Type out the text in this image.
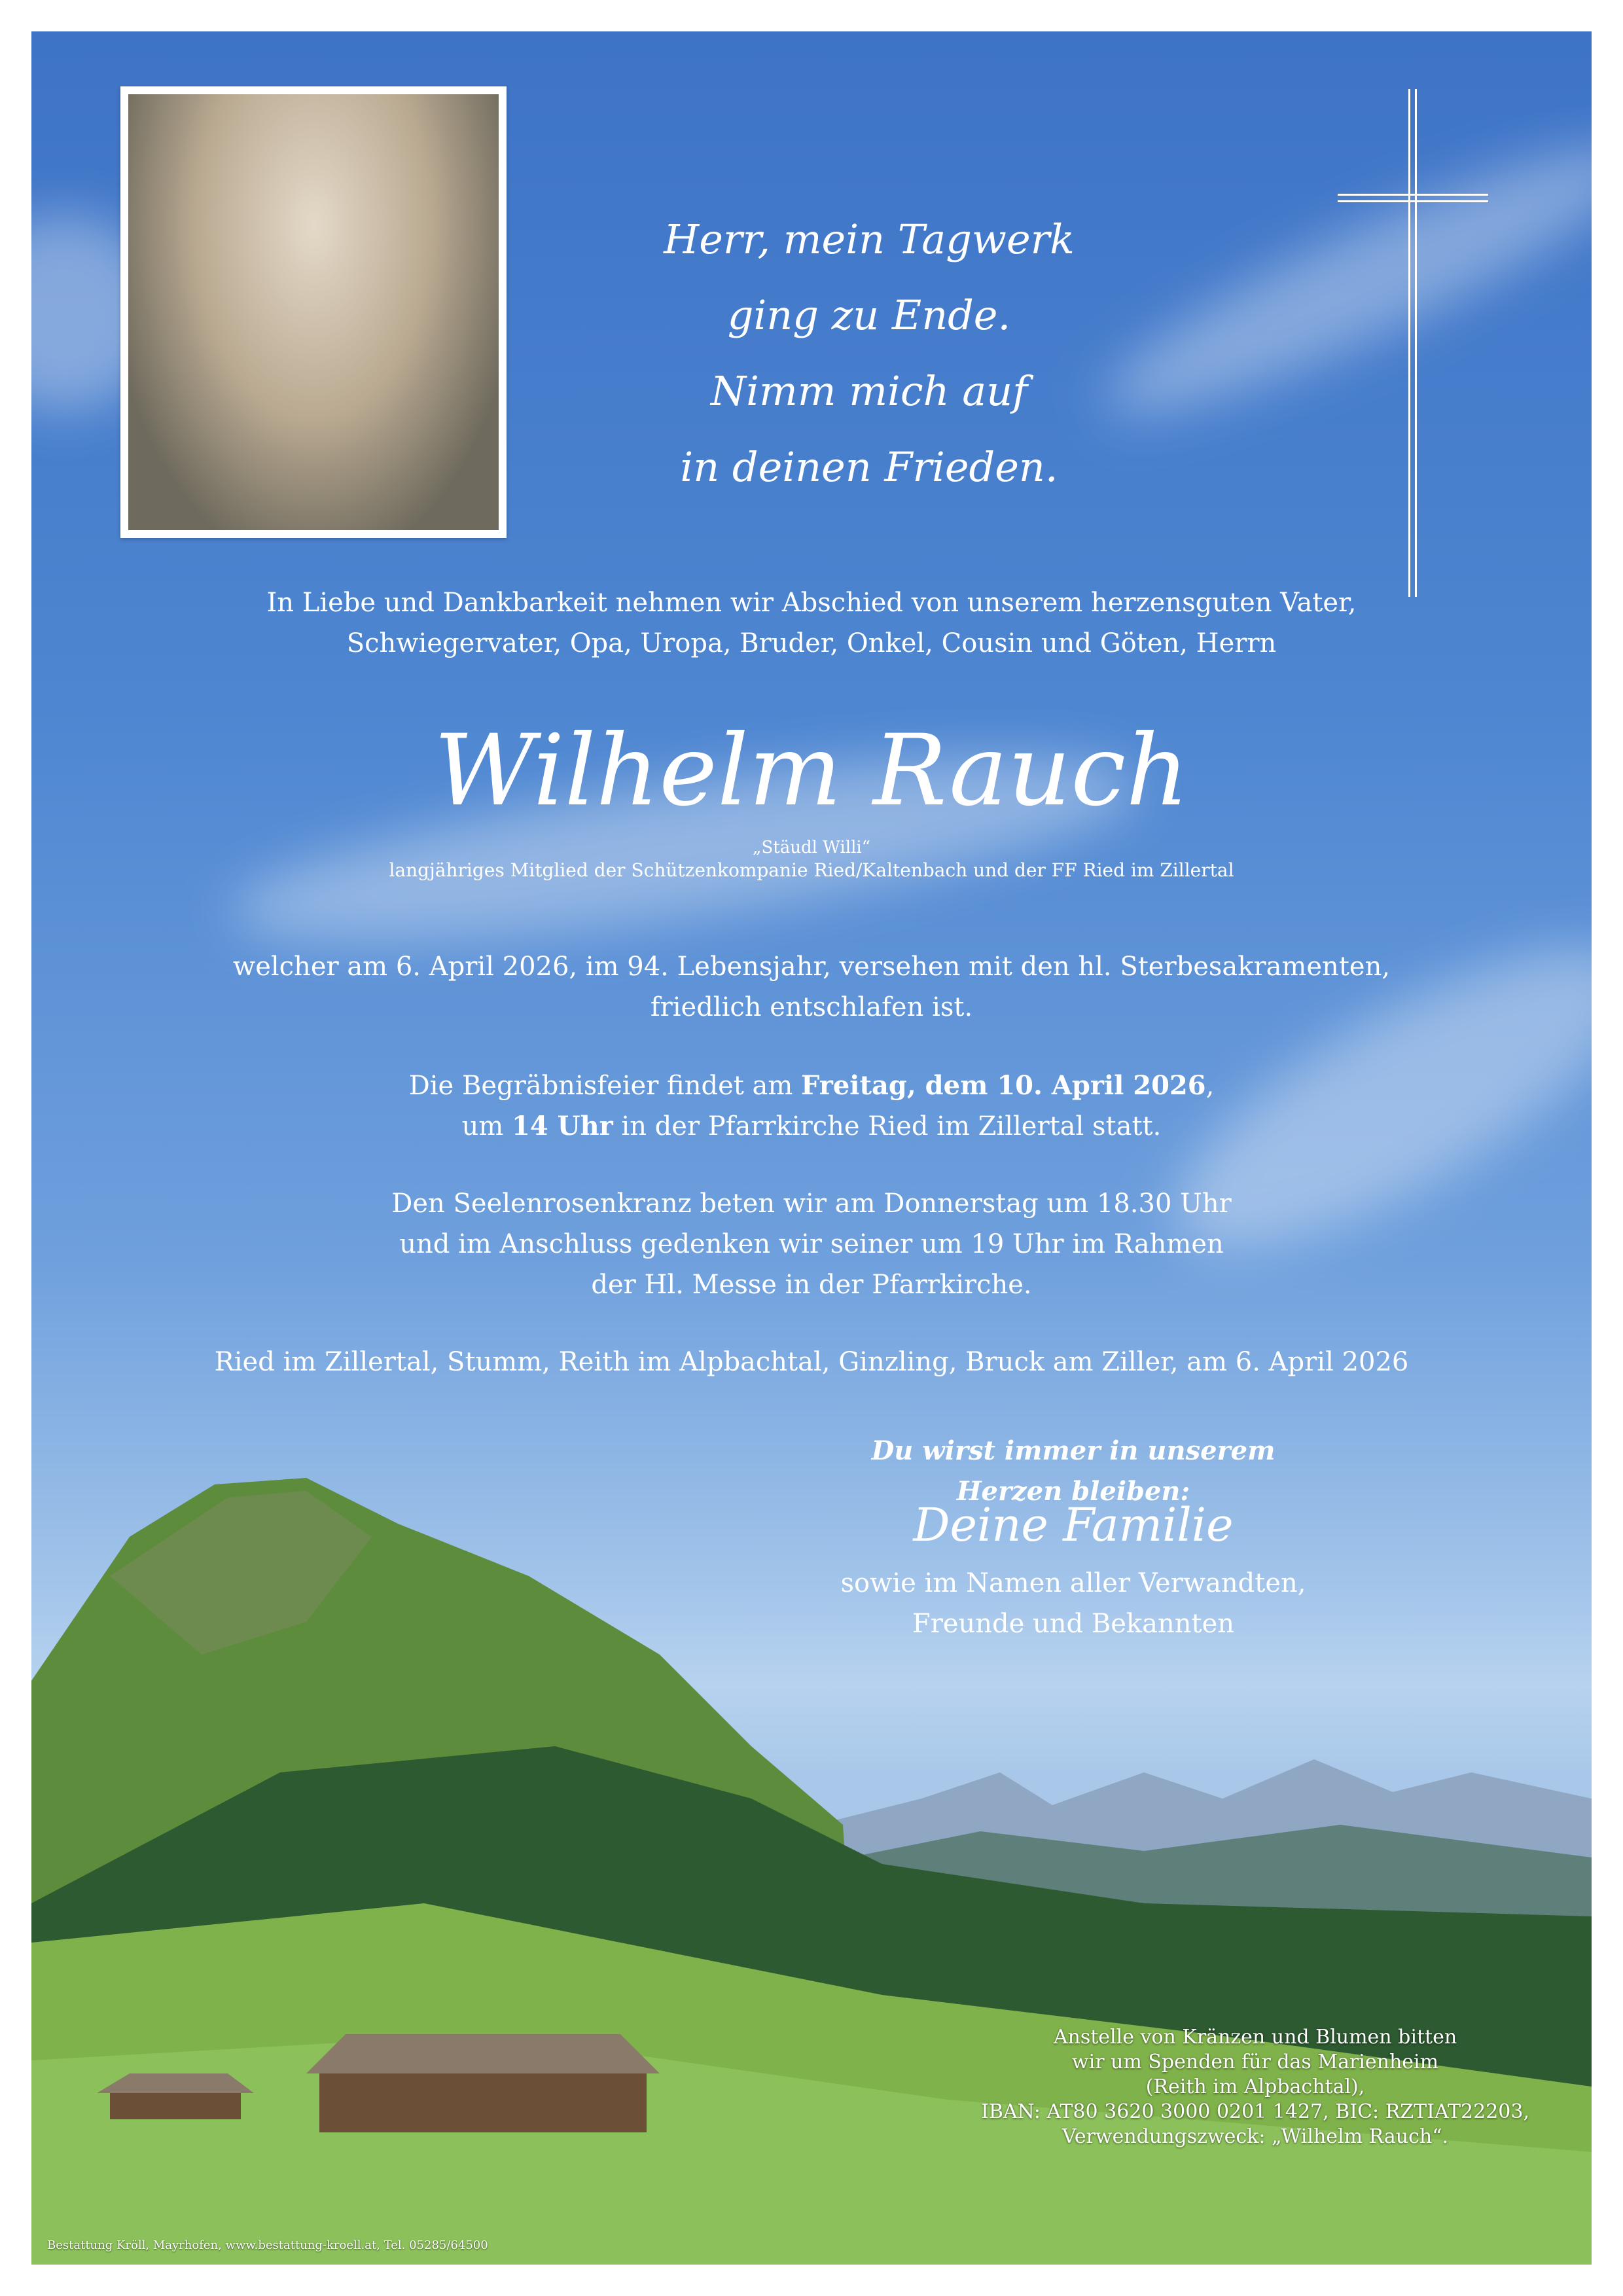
Herr, mein Tagwerk
ging zu Ende.
Nimm mich auf
in deinen Frieden.
In Liebe und Dankbarkeit nehmen wir Abschied von unserem herzensguten Vater,
Schwiegervater, Opa, Uropa, Bruder, Onkel, Cousin und Göten, Herrn
Wilhelm Rauch
„Stäudl Willi“
langjähriges Mitglied der Schützenkompanie Ried/Kaltenbach und der FF Ried im Zillertal
welcher am 6. April 2026, im 94. Lebensjahr, versehen mit den hl. Sterbesakramenten,
friedlich entschlafen ist.
Die Begräbnisfeier findet am Freitag, dem 10. April 2026,
um 14 Uhr in der Pfarrkirche Ried im Zillertal statt.
Den Seelenrosenkranz beten wir am Donnerstag um 18.30 Uhr
und im Anschluss gedenken wir seiner um 19 Uhr im Rahmen
der Hl. Messe in der Pfarrkirche.
Ried im Zillertal, Stumm, Reith im Alpbachtal, Ginzling, Bruck am Ziller, am 6. April 2026
Du wirst immer in unserem Herzen bleiben:
Deine Familie
sowie im Namen aller Verwandten,
Freunde und Bekannten
Anstelle von Kränzen und Blumen bitten
wir um Spenden für das Marienheim
(Reith im Alpbachtal),
IBAN: AT80 3620 3000 0201 1427, BIC: RZTIAT22203,
Verwendungszweck: „Wilhelm Rauch“.
Bestattung Kröll, Mayrhofen, www.bestattung-kroell.at, Tel. 05285/64500
